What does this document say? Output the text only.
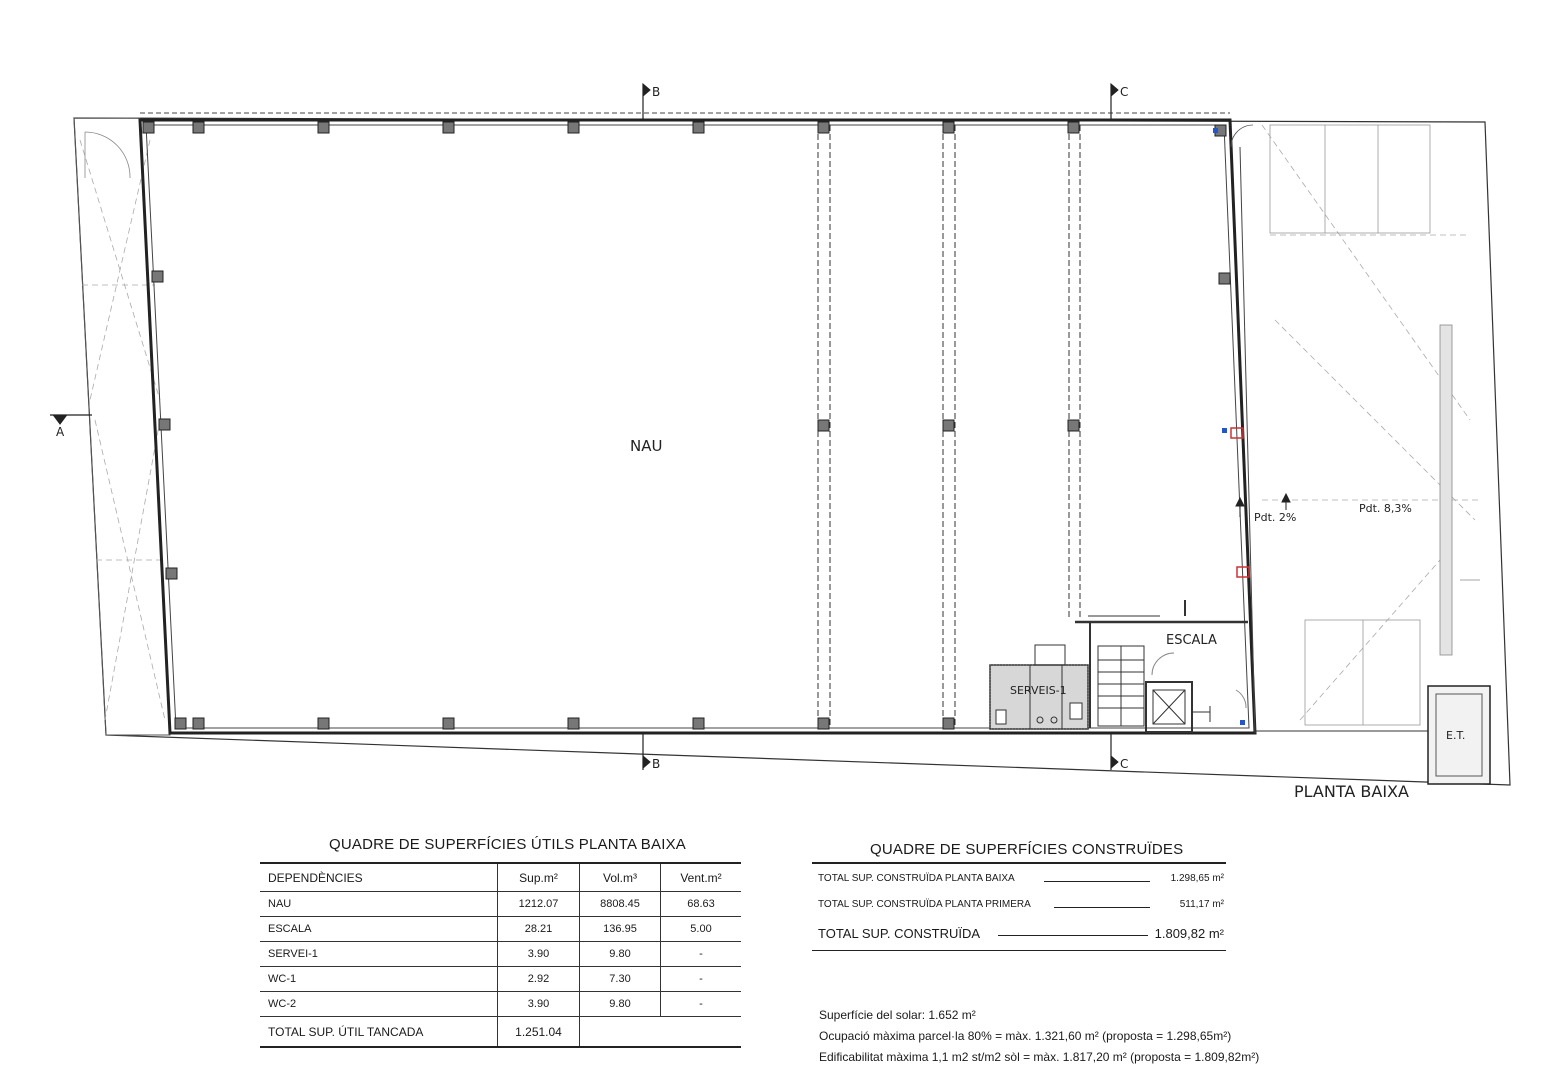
Pdt. 2%
Pdt. 8,3%
ESCALA
SERVEIS-1
E.T.
NAU
B
B
C
C
A
PLANTA BAIXA
QUADRE DE SUPERFÍCIES ÚTILS PLANTA BAIXA
DEPENDÈNCIES	Sup.m²	Vol.m³	Vent.m²
NAU	1212.07	8808.45	68.63
ESCALA	28.21	136.95	5.00
SERVEI-1	3.90	9.80	-
WC-1	2.92	7.30	-
WC-2	3.90	9.80	-
TOTAL SUP. ÚTIL TANCADA	1.251.04		
QUADRE DE SUPERFÍCIES CONSTRUÏDES
TOTAL SUP. CONSTRUÏDA PLANTA BAIXA	1.298,65 m²
TOTAL SUP. CONSTRUÏDA PLANTA PRIMERA	511,17 m²
TOTAL SUP. CONSTRUÏDA	1.809,82 m²
Superfície del solar: 1.652 m²
Ocupació màxima parcel·la 80% = màx. 1.321,60 m² (proposta = 1.298,65m²)
Edificabilitat màxima 1,1 m2 st/m2 sòl = màx. 1.817,20 m² (proposta = 1.809,82m²)
